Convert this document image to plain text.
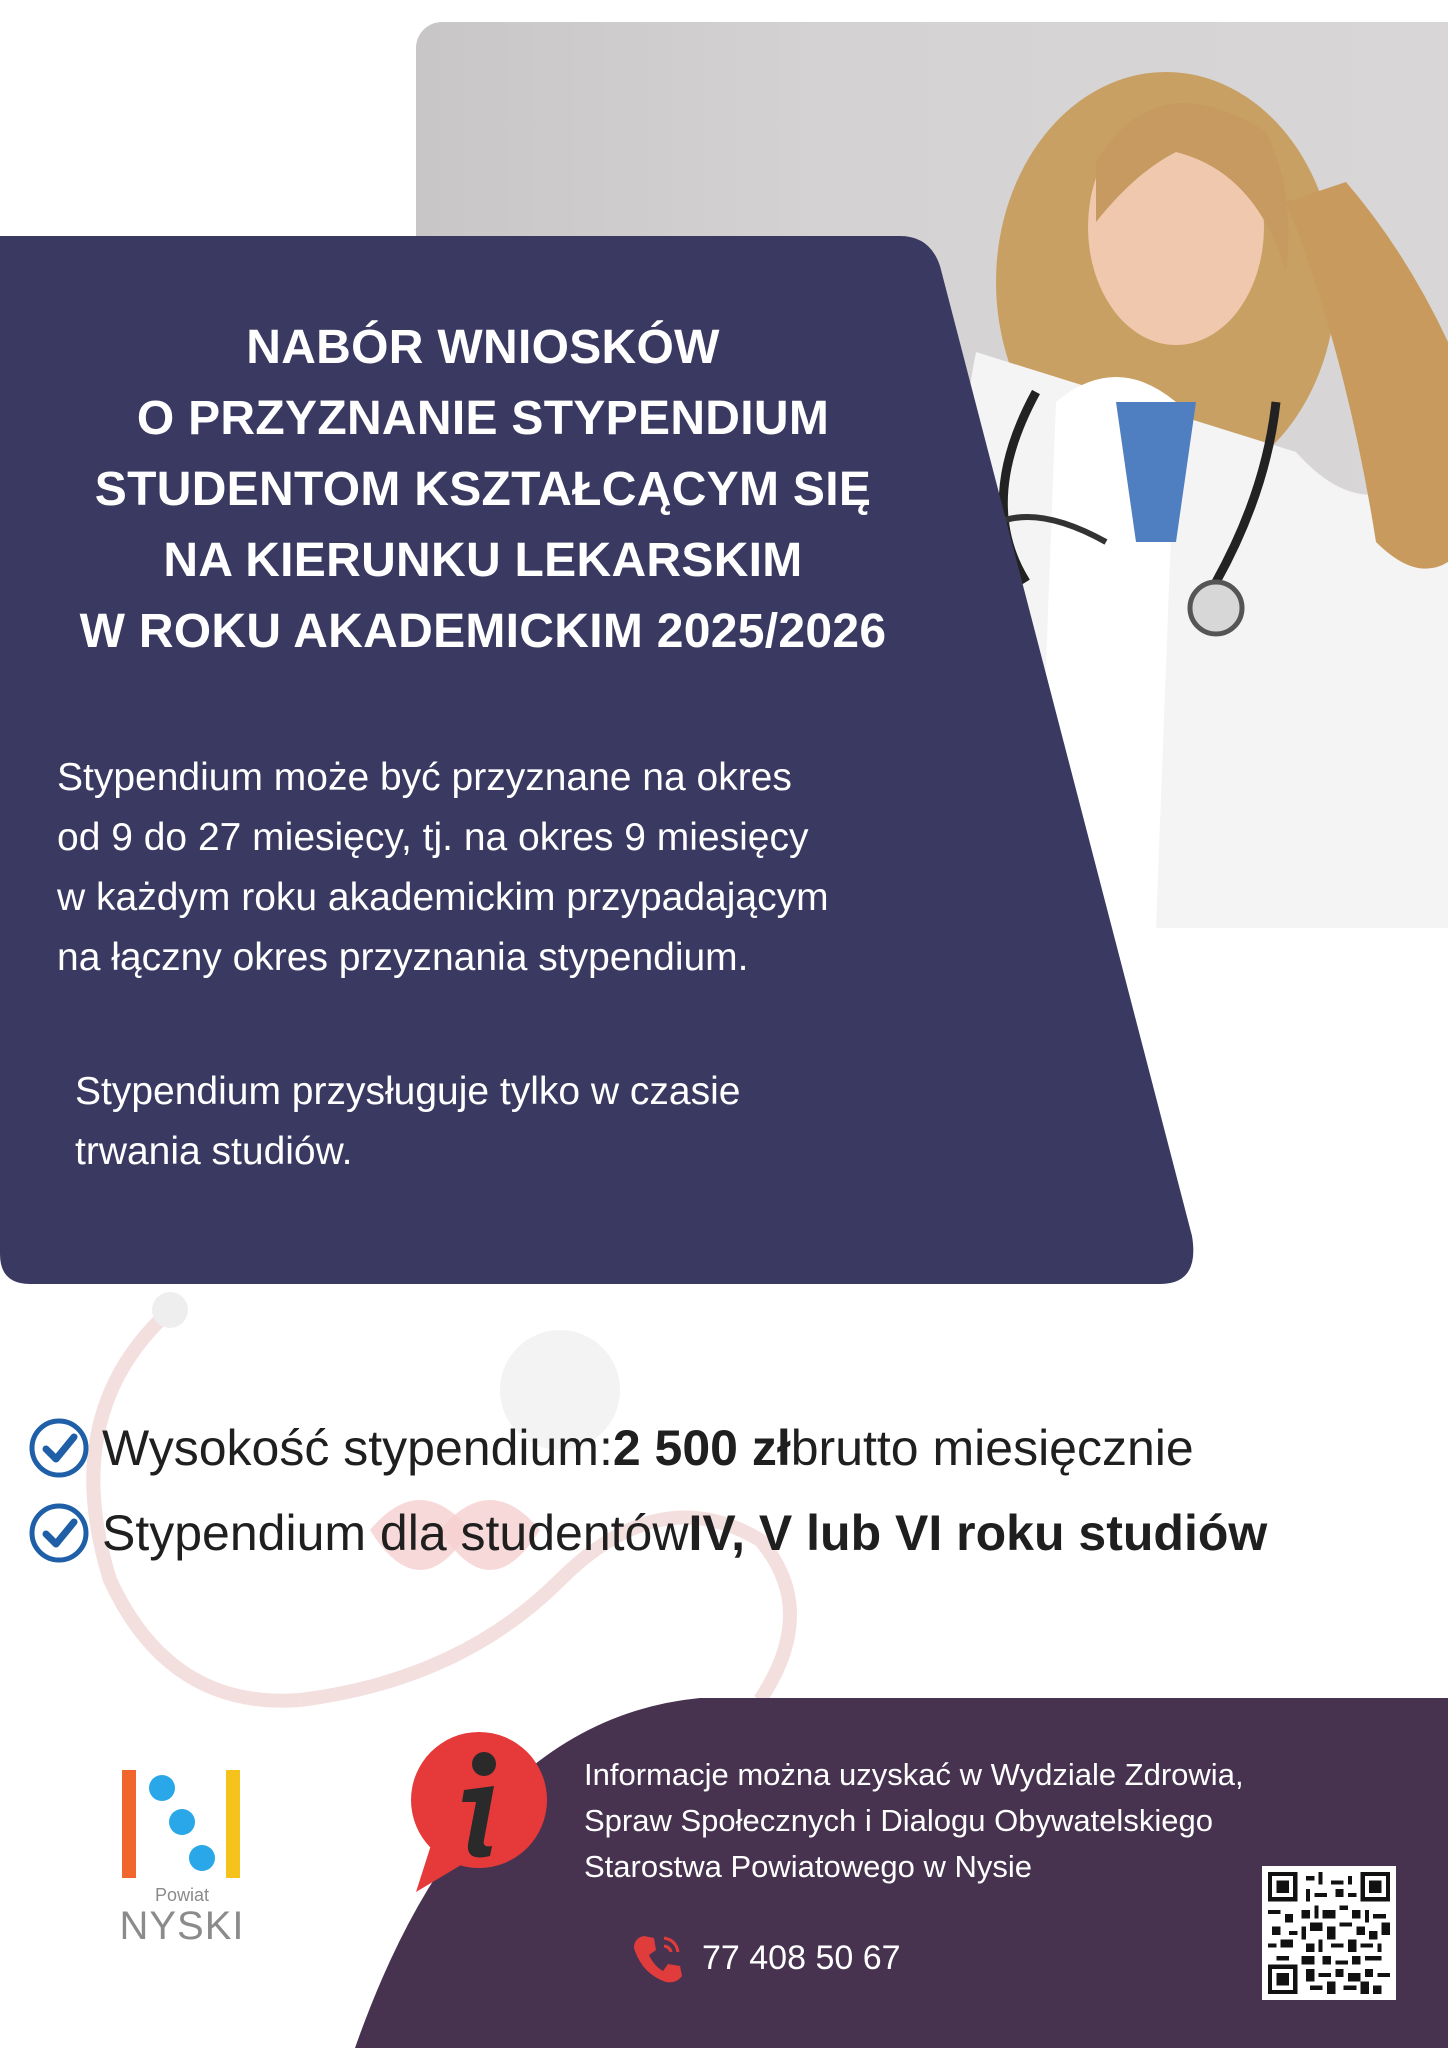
NABÓR WNIOSKÓW
O PRZYZNANIE STYPENDIUM
STUDENTOM KSZTAŁCĄCYM SIĘ
NA KIERUNKU LEKARSKIM
W ROKU AKADEMICKIM 2025/2026
Stypendium może być przyznane na okres
od 9 do 27 miesięcy, tj. na okres 9 miesięcy
w każdym roku akademickim przypadającym
na łączny okres przyznania stypendium.
Stypendium przysługuje tylko w czasie
trwania studiów.
Wysokość stypendium: 2 500 zł brutto miesięcznie
Stypendium dla studentów IV, V lub VI roku studiów
Powiat
NYSKI
Informacje można uzyskać w Wydziale Zdrowia,
Spraw Społecznych i Dialogu Obywatelskiego
Starostwa Powiatowego w Nysie
77 408 50 67
